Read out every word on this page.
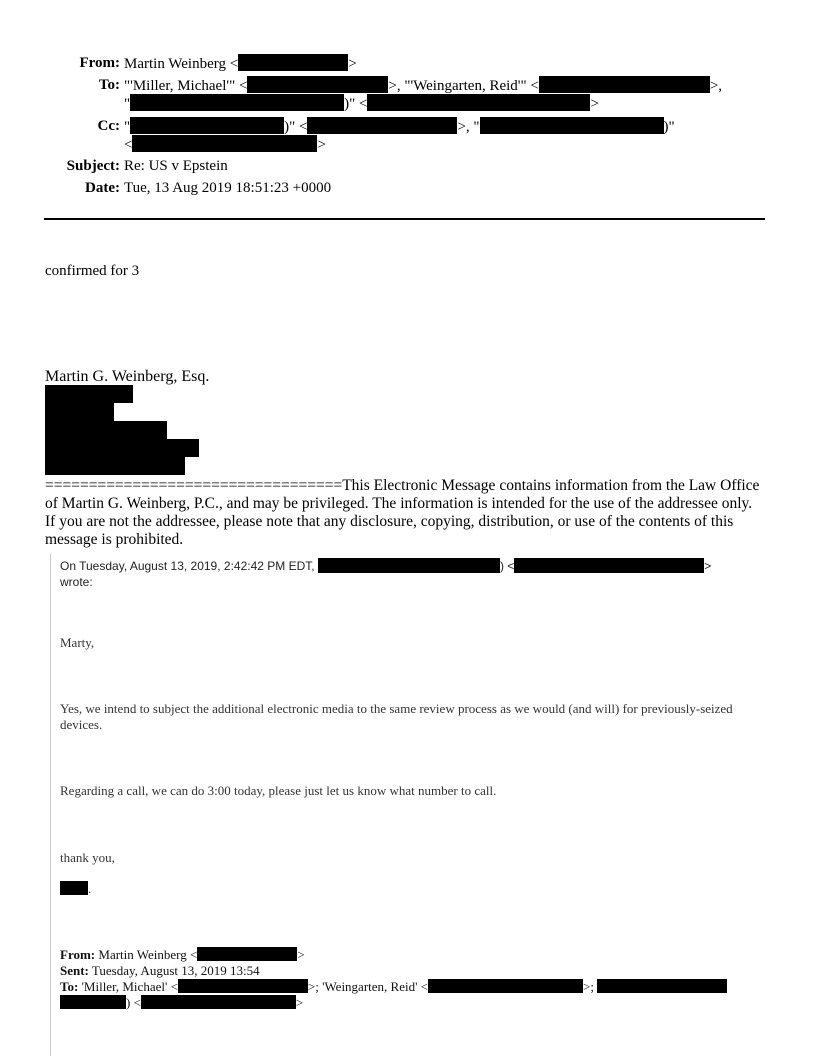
From: Martin Weinberg <	>
To: "'Miller, Michael'" <	>, "'Weingarten, Reid'" <	>,
"	)" <	>
Cc: "	)" <	>, "	)"
<	>
Subject: Re: US v Epstein
Date: Tue, 13 Aug 2019 18:51:23 +0000
confirmed for 3
Martin G. Weinberg, Esq.
==================================This Electronic Message contains information from the Law Office of Martin G. Weinberg, P.C., and may be privileged. The information is intended for the use of the addressee only. If you are not the addressee, please note that any disclosure, copying, distribution, or use of the contents of this message is prohibited.
On Tuesday, August 13, 2019, 2:42:42 PM EDT,	) <	>
wrote:
Marty,
Yes, we intend to subject the additional electronic media to the same review process as we would (and will) for previously-seized devices.
Regarding a call, we can do 3:00 today, please just let us know what number to call.
thank you,
.
From: Martin Weinberg <	>
Sent: Tuesday, August 13, 2019 13:54
To: 'Miller, Michael' <	>; 'Weingarten, Reid' <	>;
) <	>
